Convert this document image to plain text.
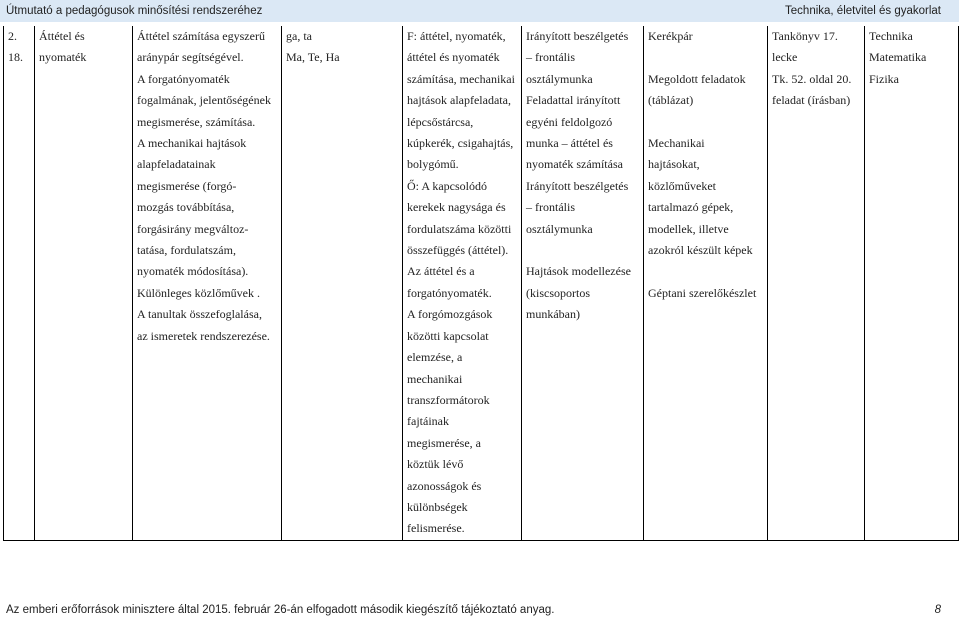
Útmutató a pedagógusok minősítési rendszeréhez	Technika, életvitel és gyakorlat
2.	Áttétel és	Áttétel számítása egyszerű	ga, ta	F: áttétel, nyomaték,	Irányított beszélgetés	Kerékpár	Tankönyv 17.	Technika
18.	nyomaték	aránypár segítségével.	Ma, Te, Ha	áttétel és nyomaték	– frontális		lecke	Matematika
		A forgatónyomaték		számítása, mechanikai	osztálymunka	Megoldott feladatok	Tk. 52. oldal 20.	Fizika
		fogalmának, jelentőségének		hajtások alapfeladata,	Feladattal irányított	(táblázat)	feladat (írásban)	
		megismerése, számítása.		lépcsőstárcsa,	egyéni feldolgozó			
		A mechanikai hajtások		kúpkerék, csigahajtás,	munka – áttétel és	Mechanikai		
		alapfeladatainak		bolygómű.	nyomaték számítása	hajtásokat,		
		megismerése (forgó-		Ő: A kapcsolódó	Irányított beszélgetés	közlőműveket		
		mozgás továbbítása,		kerekek nagysága és	– frontális	tartalmazó gépek,		
		forgásirány megváltoz-		fordulatszáma közötti	osztálymunka	modellek, illetve		
		tatása, fordulatszám,		összefüggés (áttétel).		azokról készült képek		
		nyomaték módosítása).		Az áttétel és a	Hajtások modellezése			
		Különleges közlőművek .		forgatónyomaték.	(kiscsoportos	Géptani szerelőkészlet		
		A tanultak összefoglalása,		A forgómozgások	munkában)			
		az ismeretek rendszerezése.		közötti kapcsolat				
				elemzése, a				
				mechanikai				
				transzformátorok				
				fajtáinak				
				megismerése, a				
				köztük lévő				
				azonosságok és				
				különbségek				
				felismerése.				
Az emberi erőforrások minisztere által 2015. február 26-án elfogadott második kiegészítő tájékoztató anyag.	8
